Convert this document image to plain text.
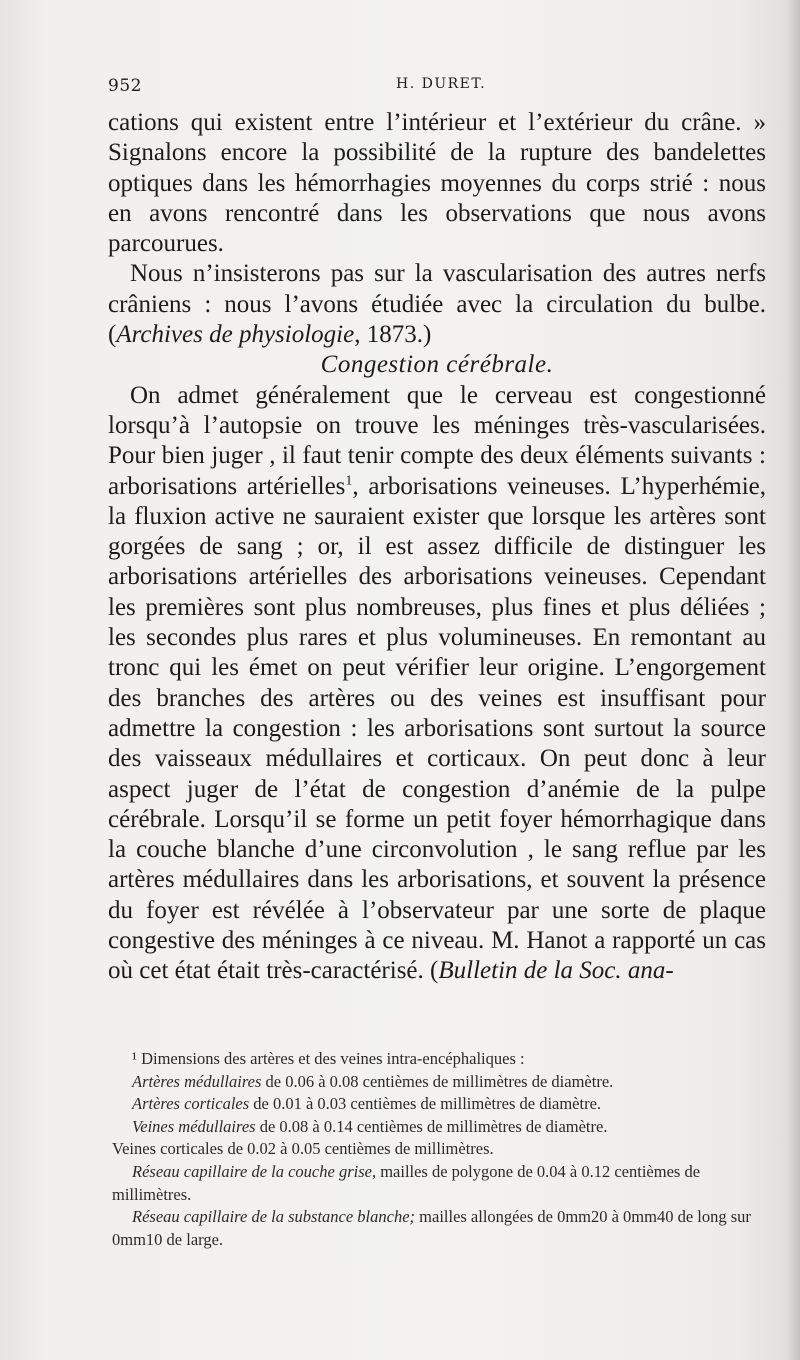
952	H. DURET.

cations qui existent entre l’intérieur et l’extérieur du crâne. » Signalons encore la possibilité de la rupture des bandelettes optiques dans les hémorrhagies moyennes du corps strié : nous en avons rencontré dans les observations que nous avons parcourues.

Nous n’insisterons pas sur la vascularisation des autres nerfs crâniens : nous l’avons étudiée avec la circulation du bulbe. (Archives de physiologie, 1873.)

Congestion cérébrale.

On admet généralement que le cerveau est congestionné lorsqu’à l’autopsie on trouve les méninges très-vascularisées. Pour bien juger , il faut tenir compte des deux éléments suivants : arborisations artérielles$^1$, arborisations veineuses. L’hyperhémie, la fluxion active ne sauraient exister que lorsque les artères sont gorgées de sang ; or, il est assez difficile de distinguer les arborisations artérielles des arborisations veineuses. Cependant les premières sont plus nombreuses, plus fines et plus déliées ; les secondes plus rares et plus volumineuses. En remontant au tronc qui les émet on peut vérifier leur origine. L’engorgement des branches des artères ou des veines est insuffisant pour admettre la congestion : les arborisations sont surtout la source des vaisseaux médullaires et corticaux. On peut donc à leur aspect juger de l’état de congestion d’anémie de la pulpe cérébrale. Lorsqu’il se forme un petit foyer hémorrhagique dans la couche blanche d’une circonvolution , le sang reflue par les artères médullaires dans les arborisations, et souvent la présence du foyer est révélée à l’observateur par une sorte de plaque congestive des méninges à ce niveau. M. Hanot a rapporté un cas où cet état était très-caractérisé. (Bulletin de la Soc. ana-

¹ Dimensions des artères et des veines intra-encéphaliques :

Artères médullaires de 0.06 à 0.08 centièmes de millimètres de diamètre.

Artères corticales de 0.01 à 0.03 centièmes de millimètres de diamètre.

Veines médullaires de 0.08 à 0.14 centièmes de millimètres de diamètre.

Veines corticales de 0.02 à 0.05 centièmes de millimètres.

Réseau capillaire de la couche grise, mailles de polygone de 0.04 à 0.12 centièmes de millimètres.

Réseau capillaire de la substance blanche; mailles allongées de 0mm20 à 0mm40 de long sur 0mm10 de large.
